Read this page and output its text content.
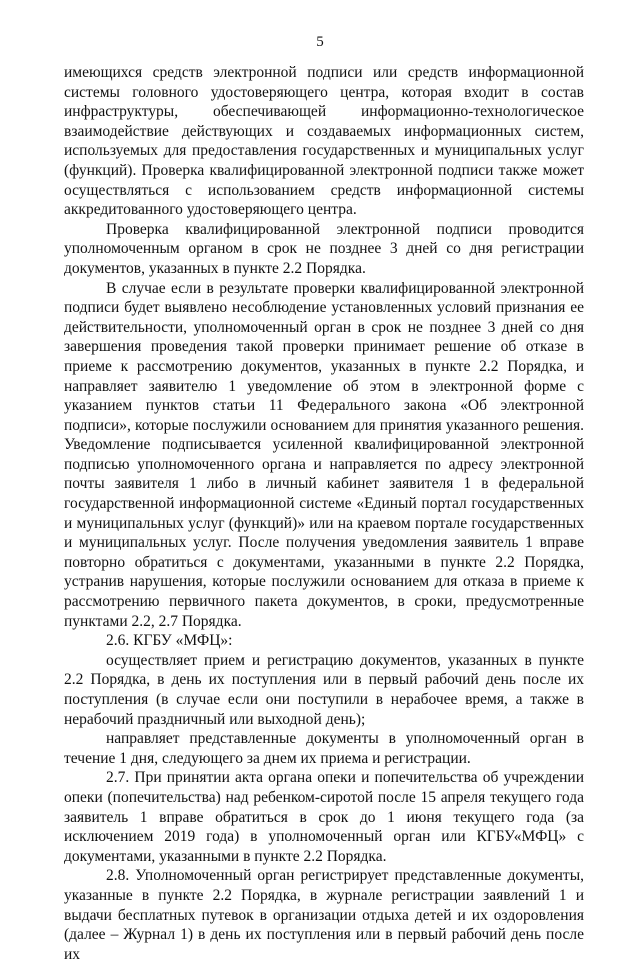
5

имеющихся средств электронной подписи или средств информационной системы головного удостоверяющего центра, которая входит в состав инфраструктуры, обеспечивающей информационно-технологическое взаимодействие действующих и создаваемых информационных систем, используемых для предоставления государственных и муниципальных услуг (функций). Проверка квалифицированной электронной подписи также может осуществляться с использованием средств информационной системы аккредитованного удостоверяющего центра.

Проверка квалифицированной электронной подписи проводится уполномоченным органом в срок не позднее 3 дней со дня регистрации документов, указанных в пункте 2.2 Порядка.

В случае если в результате проверки квалифицированной электронной подписи будет выявлено несоблюдение установленных условий признания ее действительности, уполномоченный орган в срок не позднее 3 дней со дня завершения проведения такой проверки принимает решение об отказе в приеме к рассмотрению документов, указанных в пункте 2.2 Порядка, и направляет заявителю 1 уведомление об этом в электронной форме с указанием пунктов статьи 11 Федерального закона «Об электронной подписи», которые послужили основанием для принятия указанного решения. Уведомление подписывается усиленной квалифицированной электронной подписью уполномоченного органа и направляется по адресу электронной почты заявителя 1 либо в личный кабинет заявителя 1 в федеральной государственной информационной системе «Единый портал государственных и муниципальных услуг (функций)» или на краевом портале государственных и муниципальных услуг. После получения уведомления заявитель 1 вправе повторно обратиться с документами, указанными в пункте 2.2 Порядка, устранив нарушения, которые послужили основанием для отказа в приеме к рассмотрению первичного пакета документов, в сроки, предусмотренные пунктами 2.2, 2.7 Порядка.

2.6. КГБУ «МФЦ»:

осуществляет прием и регистрацию документов, указанных в пункте 2.2 Порядка, в день их поступления или в первый рабочий день после их поступления (в случае если они поступили в нерабочее время, а также в нерабочий праздничный или выходной день);

направляет представленные документы в уполномоченный орган в течение 1 дня, следующего за днем их приема и регистрации.

2.7. При принятии акта органа опеки и попечительства об учреждении опеки (попечительства) над ребенком-сиротой после 15 апреля текущего года заявитель 1 вправе обратиться в срок до 1 июня текущего года (за исключением 2019 года) в уполномоченный орган или КГБУ«МФЦ» с документами, указанными в пункте 2.2 Порядка.

2.8. Уполномоченный орган регистрирует представленные документы, указанные в пункте 2.2 Порядка, в журнале регистрации заявлений 1 и выдачи бесплатных путевок в организации отдыха детей и их оздоровления (далее – Журнал 1) в день их поступления или в первый рабочий день после их
